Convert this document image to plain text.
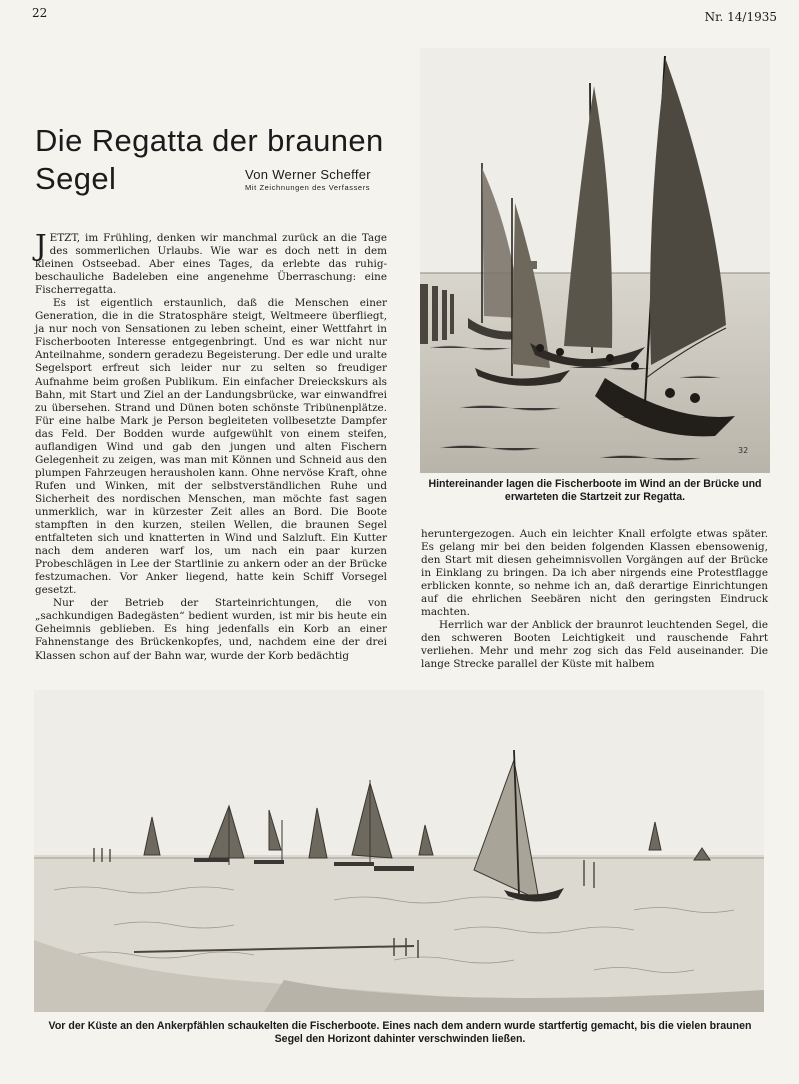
22	Nr. 14/1935
32
Hintereinander lagen die Fischerboote im Wind an der Brücke und erwarteten die Startzeit zur Regatta.
Die Regatta der braunen
Segel	Von Werner Scheffer
Mit Zeichnungen des Verfassers

JETZT, im Frühling, denken wir manchmal zurück an die Tage des sommerlichen Urlaubs. Wie war es doch nett in dem kleinen Ostseebad. Aber eines Tages, da erlebte das ruhig-beschauliche Badeleben eine angenehme Überraschung: eine Fischerregatta.

Es ist eigentlich erstaunlich, daß die Menschen einer Generation, die in die Stratosphäre steigt, Weltmeere überfliegt, ja nur noch von Sensationen zu leben scheint, einer Wettfahrt in Fischerbooten Interesse entgegenbringt. Und es war nicht nur Anteilnahme, sondern geradezu Begeisterung. Der edle und uralte Segelsport erfreut sich leider nur zu selten so freudiger Aufnahme beim großen Publikum. Ein einfacher Dreieckskurs als Bahn, mit Start und Ziel an der Landungsbrücke, war einwandfrei zu übersehen. Strand und Dünen boten schönste Tribünenplätze. Für eine halbe Mark je Person begleiteten vollbesetzte Dampfer das Feld. Der Bodden wurde aufgewühlt von einem steifen, auflandigen Wind und gab den jungen und alten Fischern Gelegenheit zu zeigen, was man mit Können und Schneid aus den plumpen Fahrzeugen herausholen kann. Ohne nervöse Kraft, ohne Rufen und Winken, mit der selbstverständlichen Ruhe und Sicherheit des nordischen Menschen, man möchte fast sagen unmerklich, war in kürzester Zeit alles an Bord. Die Boote stampften in den kurzen, steilen Wellen, die braunen Segel entfalteten sich und knatterten in Wind und Salzluft. Ein Kutter nach dem anderen warf los, um nach ein paar kurzen Probeschlägen in Lee der Startlinie zu ankern oder an der Brücke festzumachen. Vor Anker liegend, hatte kein Schiff Vorsegel gesetzt.

Nur der Betrieb der Starteinrichtungen, die von „sachkundigen Badegästen“ bedient wurden, ist mir bis heute ein Geheimnis geblieben. Es hing jedenfalls ein Korb an einer Fahnenstange des Brückenkopfes, und, nachdem eine der drei Klassen schon auf der Bahn war, wurde der Korb bedächtig

heruntergezogen. Auch ein leichter Knall erfolgte etwas später. Es gelang mir bei den beiden folgenden Klassen ebensowenig, den Start mit diesen geheimnisvollen Vorgängen auf der Brücke in Einklang zu bringen. Da ich aber nirgends eine Protestflagge erblicken konnte, so nehme ich an, daß derartige Einrichtungen auf die ehrlichen Seebären nicht den geringsten Eindruck machten.

Herrlich war der Anblick der braunrot leuchtenden Segel, die den schweren Booten Leichtigkeit und rauschende Fahrt verliehen. Mehr und mehr zog sich das Feld auseinander. Die lange Strecke parallel der Küste mit halbem

Vor der Küste an den Ankerpfählen schaukelten die Fischerboote. Eines nach dem andern wurde startfertig gemacht, bis die vielen braunen Segel den Horizont dahinter verschwinden ließen.
